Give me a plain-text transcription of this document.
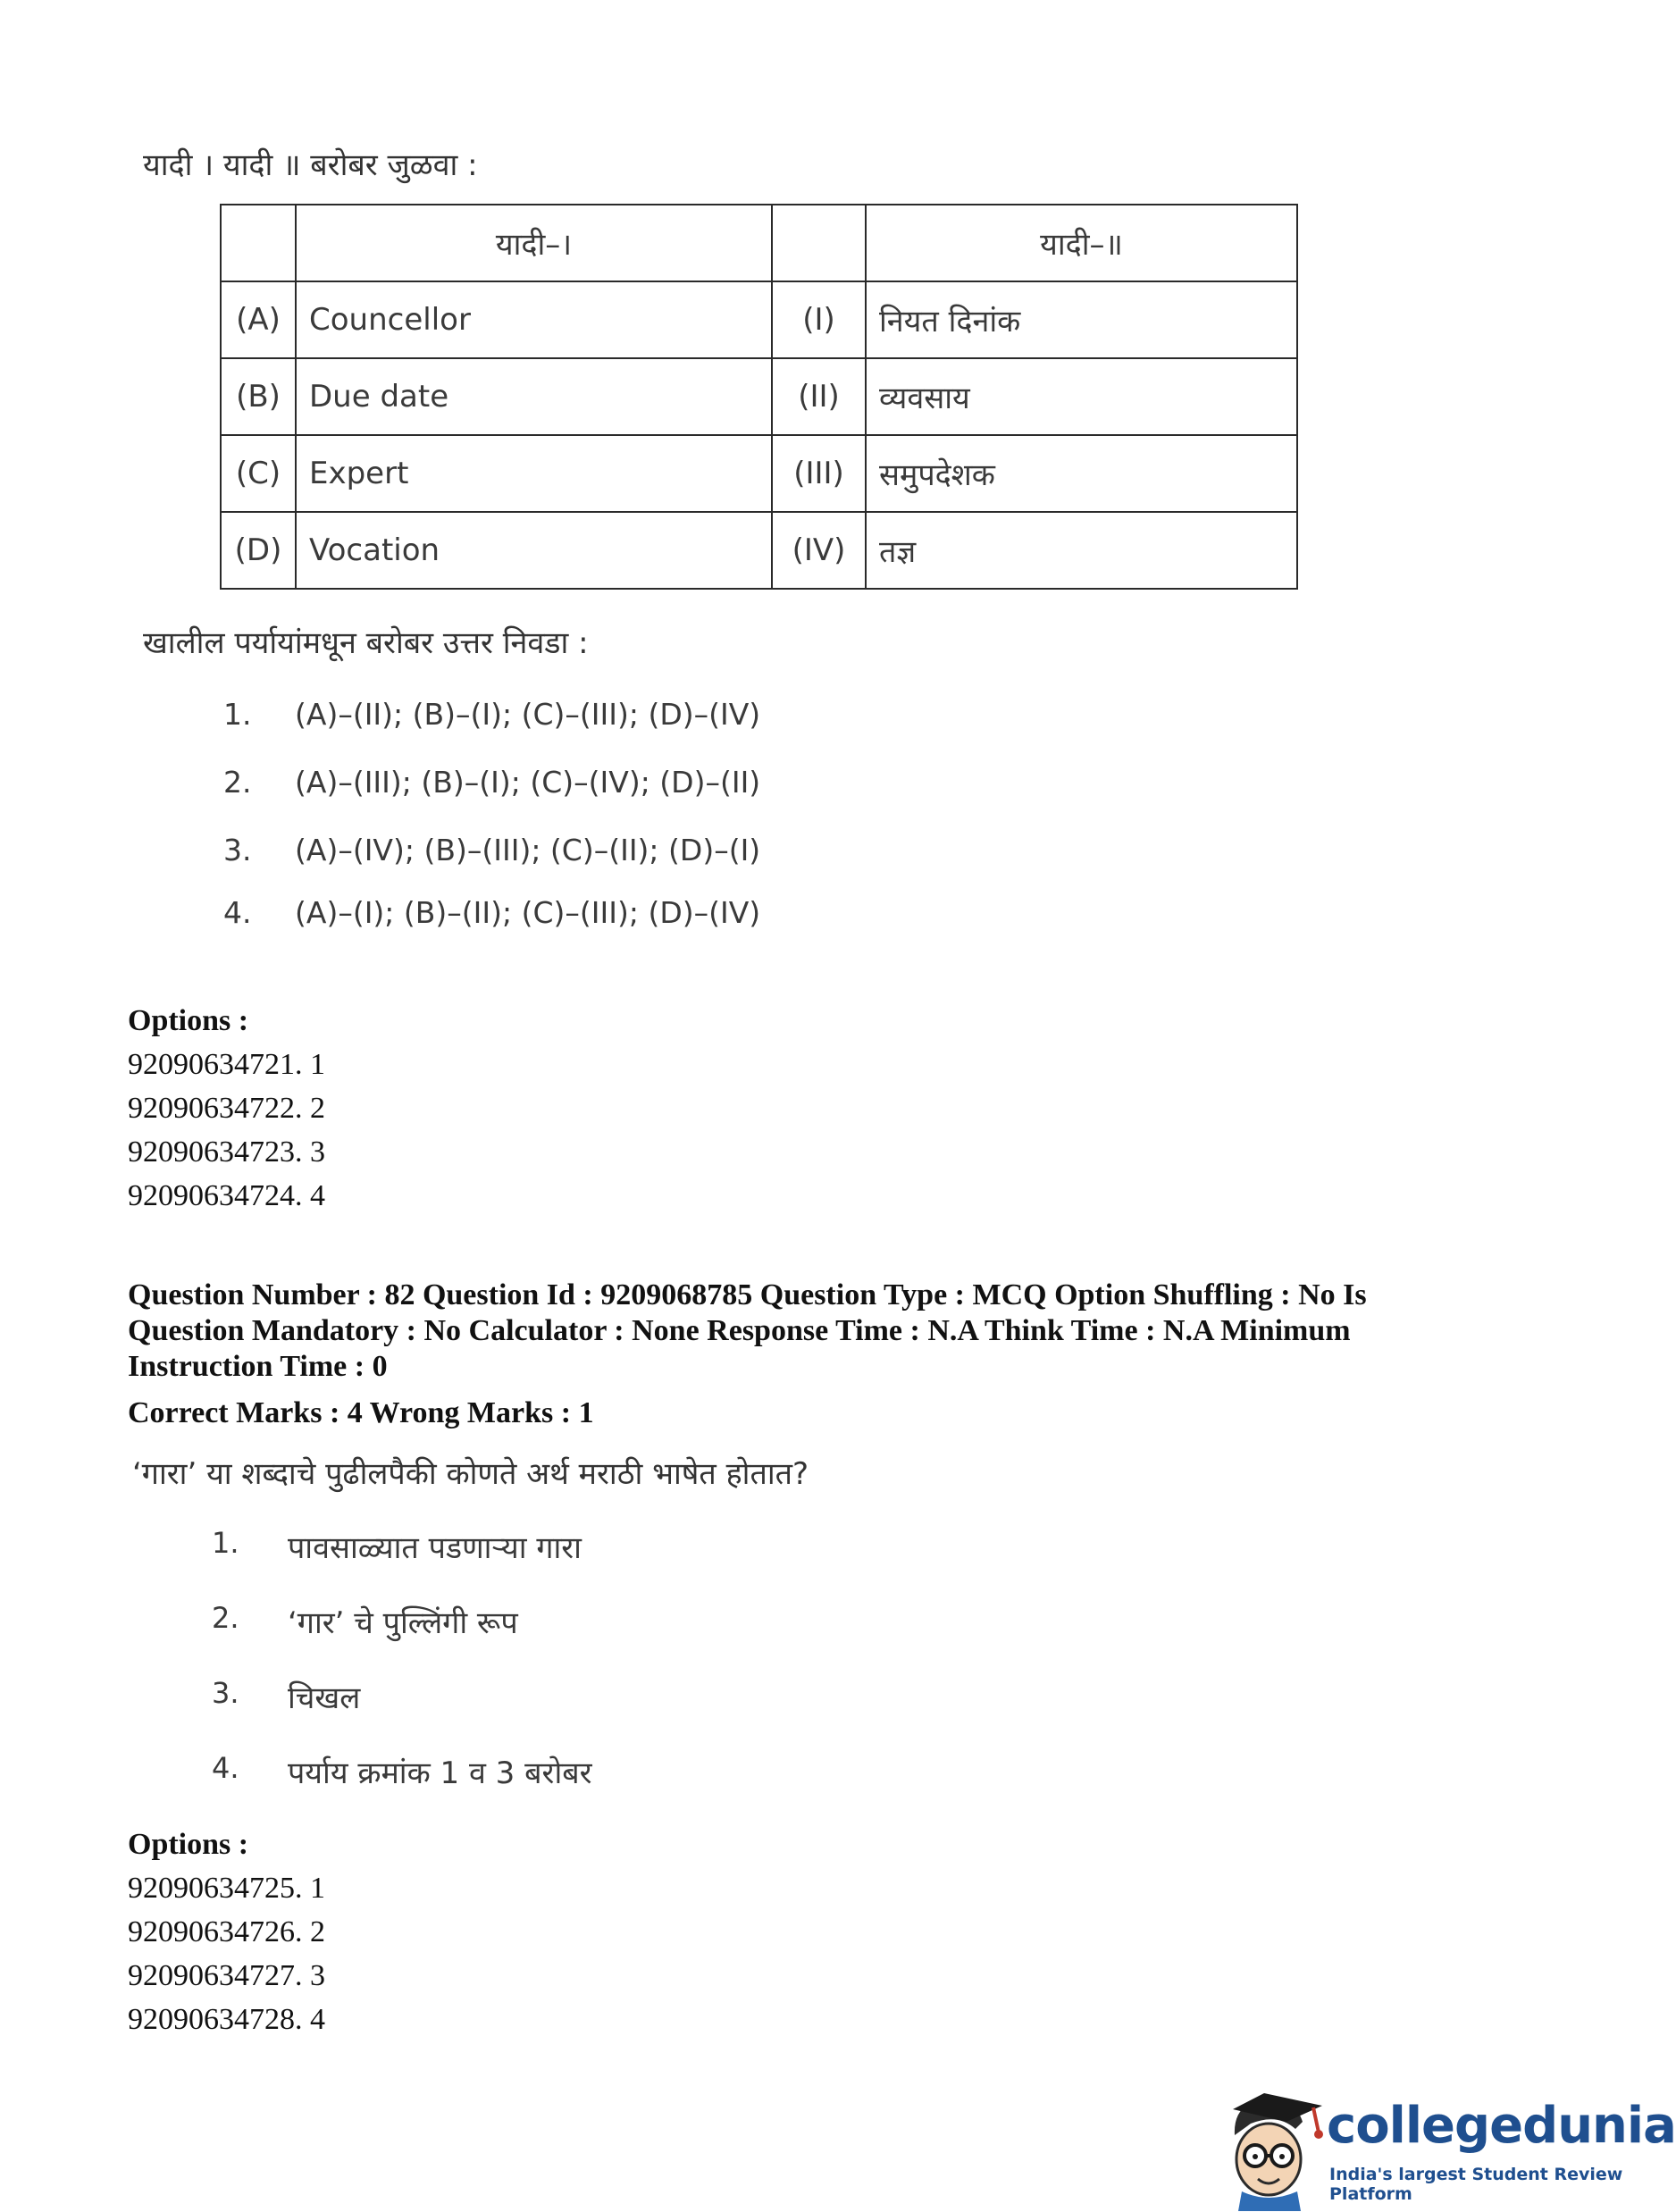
यादी । यादी ॥ बरोबर जुळवा :
	यादी–।		यादी–॥
(A)	Councellor	(I)	नियत दिनांक
(B)	Due date	(II)	व्यवसाय
(C)	Expert	(III)	समुपदेशक
(D)	Vocation	(IV)	तज्ञ
खालील पर्यायांमधून बरोबर उत्तर निवडा :
1. (A)–(II); (B)–(I); (C)–(III); (D)–(IV)
2. (A)–(III); (B)–(I); (C)–(IV); (D)–(II)
3. (A)–(IV); (B)–(III); (C)–(II); (D)–(I)
4. (A)–(I); (B)–(II); (C)–(III); (D)–(IV)
Options :
92090634721. 1
92090634722. 2
92090634723. 3
92090634724. 4
Question Number : 82 Question Id : 9209068785 Question Type : MCQ Option Shuffling : No Is
Question Mandatory : No Calculator : None Response Time : N.A Think Time : N.A Minimum
Instruction Time : 0
Correct Marks : 4 Wrong Marks : 1
‘गारा’ या शब्दाचे पुढीलपैकी कोणते अर्थ मराठी भाषेत होतात?
1. पावसाळ्यात पडणाऱ्या गारा
2. ‘गार’ चे पुल्लिंगी रूप
3. चिखल
4. पर्याय क्रमांक 1 व 3 बरोबर
Options :
92090634725. 1
92090634726. 2
92090634727. 3
92090634728. 4
collegedunia
India's largest Student Review Platform
